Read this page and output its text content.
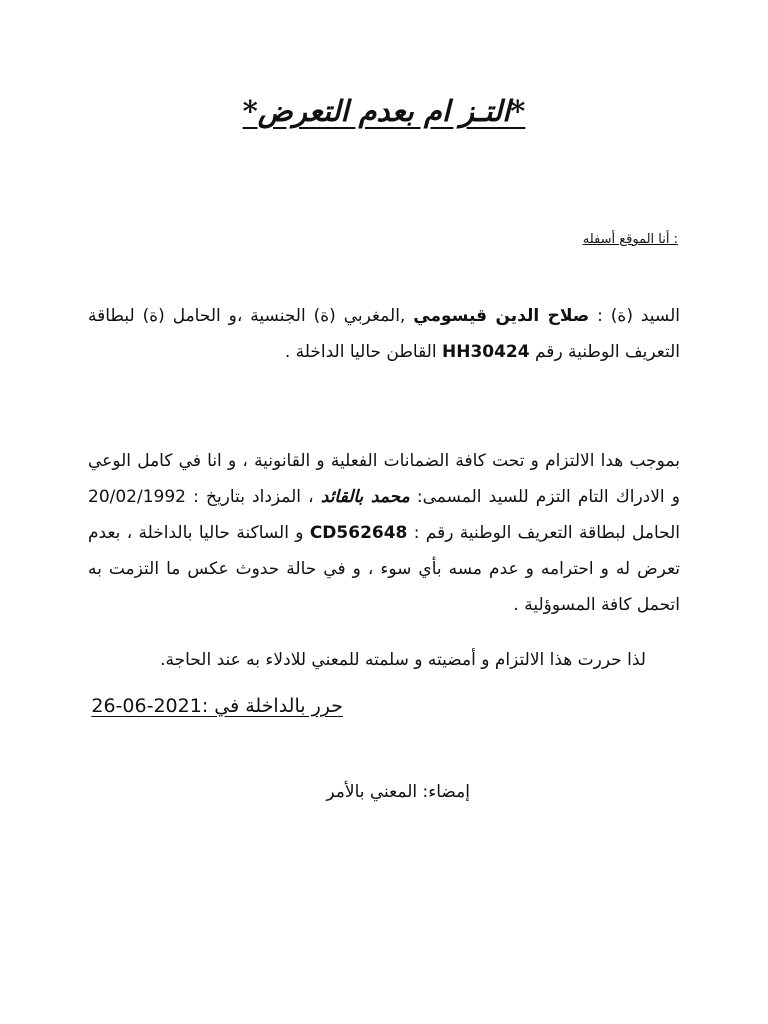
*التـز ام بعدم التعرض*

: أنا الموقع أسفله

السيد (ة) : صلاح الدين قيسومي ,المغربي (ة) الجنسية ،و الحامل (ة) لبطاقة التعريف الوطنية رقم HH30424 القاطن حاليا الداخلة .

بموجب هدا الالتزام و تحت كافة الضمانات الفعلية و القانونية ، و انا في كامل الوعي و الادراك التام التزم للسيد المسمى: محمد بالقائد ، المزداد بتاريخ : 20/02/1992 الحامل لبطاقة التعريف الوطنية رقم : CD562648 و الساكنة حاليا بالداخلة ، بعدم تعرض له و احترامه و عدم مسه بأي سوء ، و في حالة حدوث عكس ما التزمت به اتحمل كافة المسوؤلية .

لذا حررت هذا الالتزام و أمضيته و سلمته للمعني للادلاء به عند الحاجة.

حرر بالداخلة في :2021-06-26

إمضاء: المعني بالأمر
